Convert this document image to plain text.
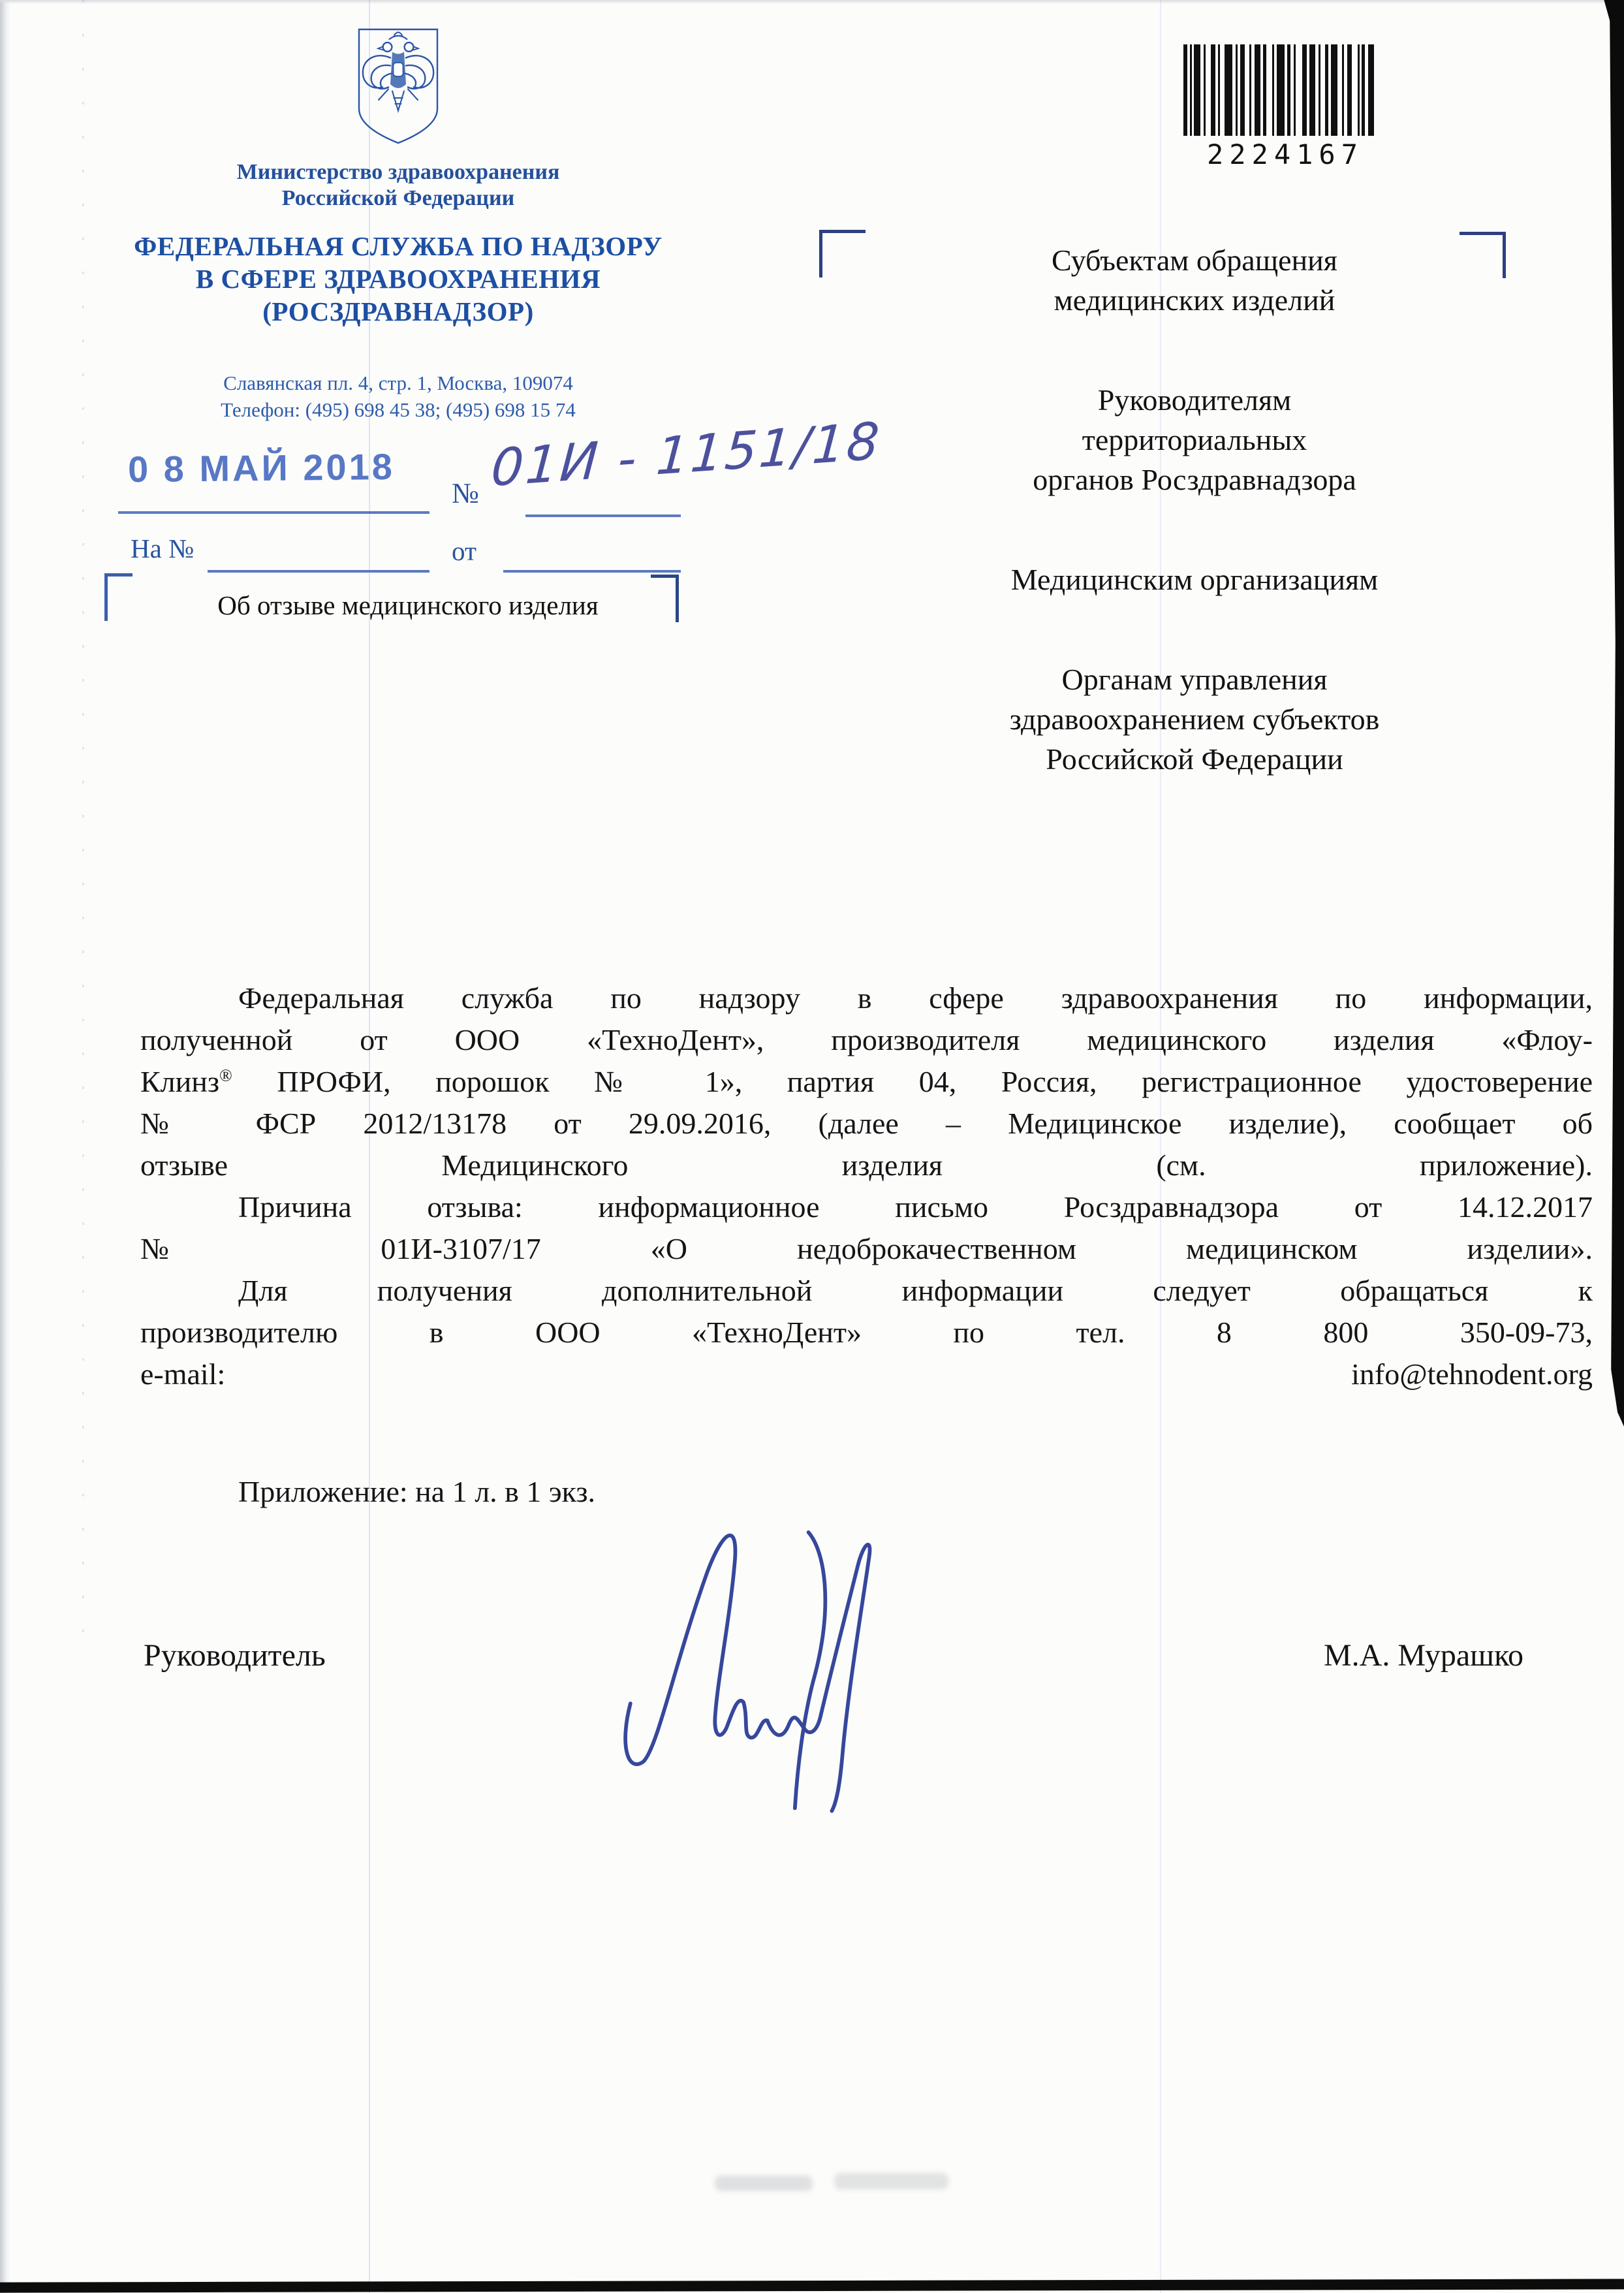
Министерство здравоохранения
Российской Федерации
ФЕДЕРАЛЬНАЯ СЛУЖБА ПО НАДЗОРУ
В СФЕРЕ ЗДРАВООХРАНЕНИЯ
(РОСЗДРАВНАДЗОР)
Славянская пл. 4, стр. 1, Москва, 109074
Телефон: (495) 698 45 38; (495) 698 15 74
2224167
0 8 МАЙ 2018
№ 01И - 1151/18
На №	от
Об отзыве медицинского изделия
Субъектам обращения
медицинских изделий
Руководителям
территориальных
органов Росздравнадзора
Медицинским организациям
Органам управления
здравоохранением субъектов
Российской Федерации
Федеральная служба по надзору в сфере здравоохранения по информации,
полученной от ООО «ТехноДент», производителя медицинского изделия «Флоу-
Клинз® ПРОФИ, порошок № 1», партия 04, Россия, регистрационное удостоверение
№ ФСР 2012/13178 от 29.09.2016, (далее – Медицинское изделие), сообщает об
отзыве Медицинского изделия (см. приложение).
Причина отзыва: информационное письмо Росздравнадзора от 14.12.2017
№ 01И-3107/17 «О недоброкачественном медицинском изделии».
Для получения дополнительной информации следует обращаться к
производителю в ООО «ТехноДент» по тел. 8 800 350-09-73,
e-mail: info@tehnodent.org
Приложение: на 1 л. в 1 экз.
Руководитель	М.А. Мурашко
